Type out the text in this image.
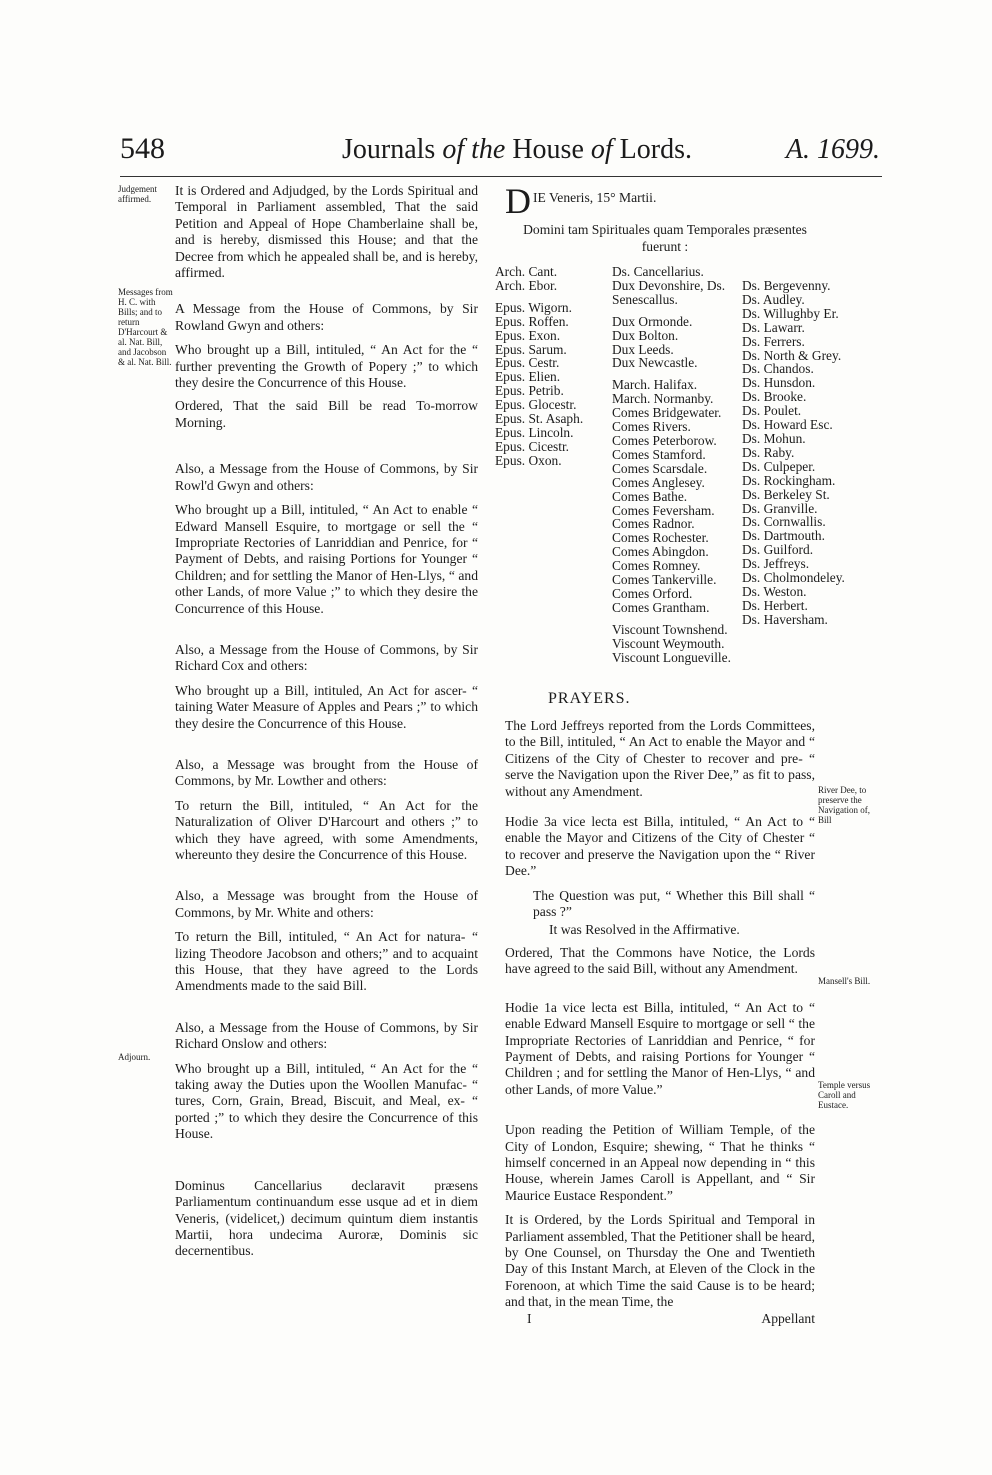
548	Journals of the House of Lords.	A. 1699.
Judgement affirmed.
Messages from H. C. with Bills; and to return D'Harcourt & al. Nat. Bill, and Jacobson & al. Nat. Bill.
Adjourn.

It is Ordered and Adjudged, by the Lords Spiritual and Temporal in Parliament assembled, That the said Petition and Appeal of Hope Chamberlaine shall be, and is hereby, dismissed this House; and that the Decree from which he appealed shall be, and is hereby, affirmed.

A Message from the House of Commons, by Sir Rowland Gwyn and others:

Who brought up a Bill, intituled, “ An Act for the “ further preventing the Growth of Popery ;” to which they desire the Concurrence of this House.

Ordered, That the said Bill be read To-morrow Morning.

Also, a Message from the House of Commons, by Sir Rowl'd Gwyn and others:

Who brought up a Bill, intituled, “ An Act to enable “ Edward Mansell Esquire, to mortgage or sell the “ Impropriate Rectories of Lanriddian and Penrice, for “ Payment of Debts, and raising Portions for Younger “ Children; and for settling the Manor of Hen-Llys, “ and other Lands, of more Value ;” to which they desire the Concurrence of this House.

Also, a Message from the House of Commons, by Sir Richard Cox and others:

Who brought up a Bill, intituled, An Act for ascer- “ taining Water Measure of Apples and Pears ;” to which they desire the Concurrence of this House.

Also, a Message was brought from the House of Commons, by Mr. Lowther and others:

To return the Bill, intituled, “ An Act for the Naturalization of Oliver D'Harcourt and others ;” to which they have agreed, with some Amendments, whereunto they desire the Concurrence of this House.

Also, a Message was brought from the House of Commons, by Mr. White and others:

To return the Bill, intituled, “ An Act for natura- “ lizing Theodore Jacobson and others;” and to acquaint this House, that they have agreed to the Lords Amendments made to the said Bill.

Also, a Message from the House of Commons, by Sir Richard Onslow and others:

Who brought up a Bill, intituled, “ An Act for the “ taking away the Duties upon the Woollen Manufac- “ tures, Corn, Grain, Bread, Biscuit, and Meal, ex- “ ported ;” to which they desire the Concurrence of this House.

Dominus Cancellarius declaravit præsens Parliamentum continuandum esse usque ad et in diem Veneris, (videlicet,) decimum quintum diem instantis Martii, hora undecima Auroræ, Dominis sic decernentibus.

D IE Veneris, 15° Martii.

Domini tam Spirituales quam Temporales præsentes fuerunt :

Arch. Cant.
Arch. Ebor.

Epus. Wigorn.
Epus. Roffen.
Epus. Exon.
Epus. Sarum.
Epus. Cestr.
Epus. Elien.
Epus. Petrib.
Epus. Glocestr.
Epus. St. Asaph.
Epus. Lincoln.
Epus. Cicestr.
Epus. Oxon.
Ds. Cancellarius.
Dux Devonshire, Ds.
Senescallus.

Dux Ormonde.
Dux Bolton.
Dux Leeds.
Dux Newcastle.

March. Halifax.
March. Normanby.
Comes Bridgewater.
Comes Rivers.
Comes Peterborow.
Comes Stamford.
Comes Scarsdale.
Comes Anglesey.
Comes Bathe.
Comes Feversham.
Comes Radnor.
Comes Rochester.
Comes Abingdon.
Comes Romney.
Comes Tankerville.
Comes Orford.
Comes Grantham.

Viscount Townshend.
Viscount Weymouth.
Viscount Longueville.
Ds. Bergevenny.
Ds. Audley.
Ds. Willughby Er.
Ds. Lawarr.
Ds. Ferrers.
Ds. North & Grey.
Ds. Chandos.
Ds. Hunsdon.
Ds. Brooke.
Ds. Poulet.
Ds. Howard Esc.
Ds. Mohun.
Ds. Raby.
Ds. Culpeper.
Ds. Rockingham.
Ds. Berkeley St.
Ds. Granville.
Ds. Cornwallis.
Ds. Dartmouth.
Ds. Guilford.
Ds. Jeffreys.
Ds. Cholmondeley.
Ds. Weston.
Ds. Herbert.
Ds. Haversham.
PRAYERS.

The Lord Jeffreys reported from the Lords Committees, to the Bill, intituled, “ An Act to enable the Mayor and “ Citizens of the City of Chester to recover and pre- “ serve the Navigation upon the River Dee,” as fit to pass, without any Amendment.

Hodie 3a vice lecta est Billa, intituled, “ An Act to “ enable the Mayor and Citizens of the City of Chester “ to recover and preserve the Navigation upon the “ River Dee.”

The Question was put, “ Whether this Bill shall “ pass ?”

It was Resolved in the Affirmative.

Ordered, That the Commons have Notice, the Lords have agreed to the said Bill, without any Amendment.

Hodie 1a vice lecta est Billa, intituled, “ An Act to “ enable Edward Mansell Esquire to mortgage or sell “ the Impropriate Rectories of Lanriddian and Penrice, “ for Payment of Debts, and raising Portions for Younger “ Children ; and for settling the Manor of Hen-Llys, “ and other Lands, of more Value.”

Upon reading the Petition of William Temple, of the City of London, Esquire; shewing, “ That he thinks “ himself concerned in an Appeal now depending in “ this House, wherein James Caroll is Appellant, and “ Sir Maurice Eustace Respondent.”

It is Ordered, by the Lords Spiritual and Temporal in Parliament assembled, That the Petitioner shall be heard, by One Counsel, on Thursday the One and Twentieth Day of this Instant March, at Eleven of the Clock in the Forenoon, at which Time the said Cause is to be heard; and that, in the mean Time, the

I	Appellant

River Dee, to preserve the Navigation of, Bill
Mansell's Bill.
Temple versus Caroll and Eustace.
